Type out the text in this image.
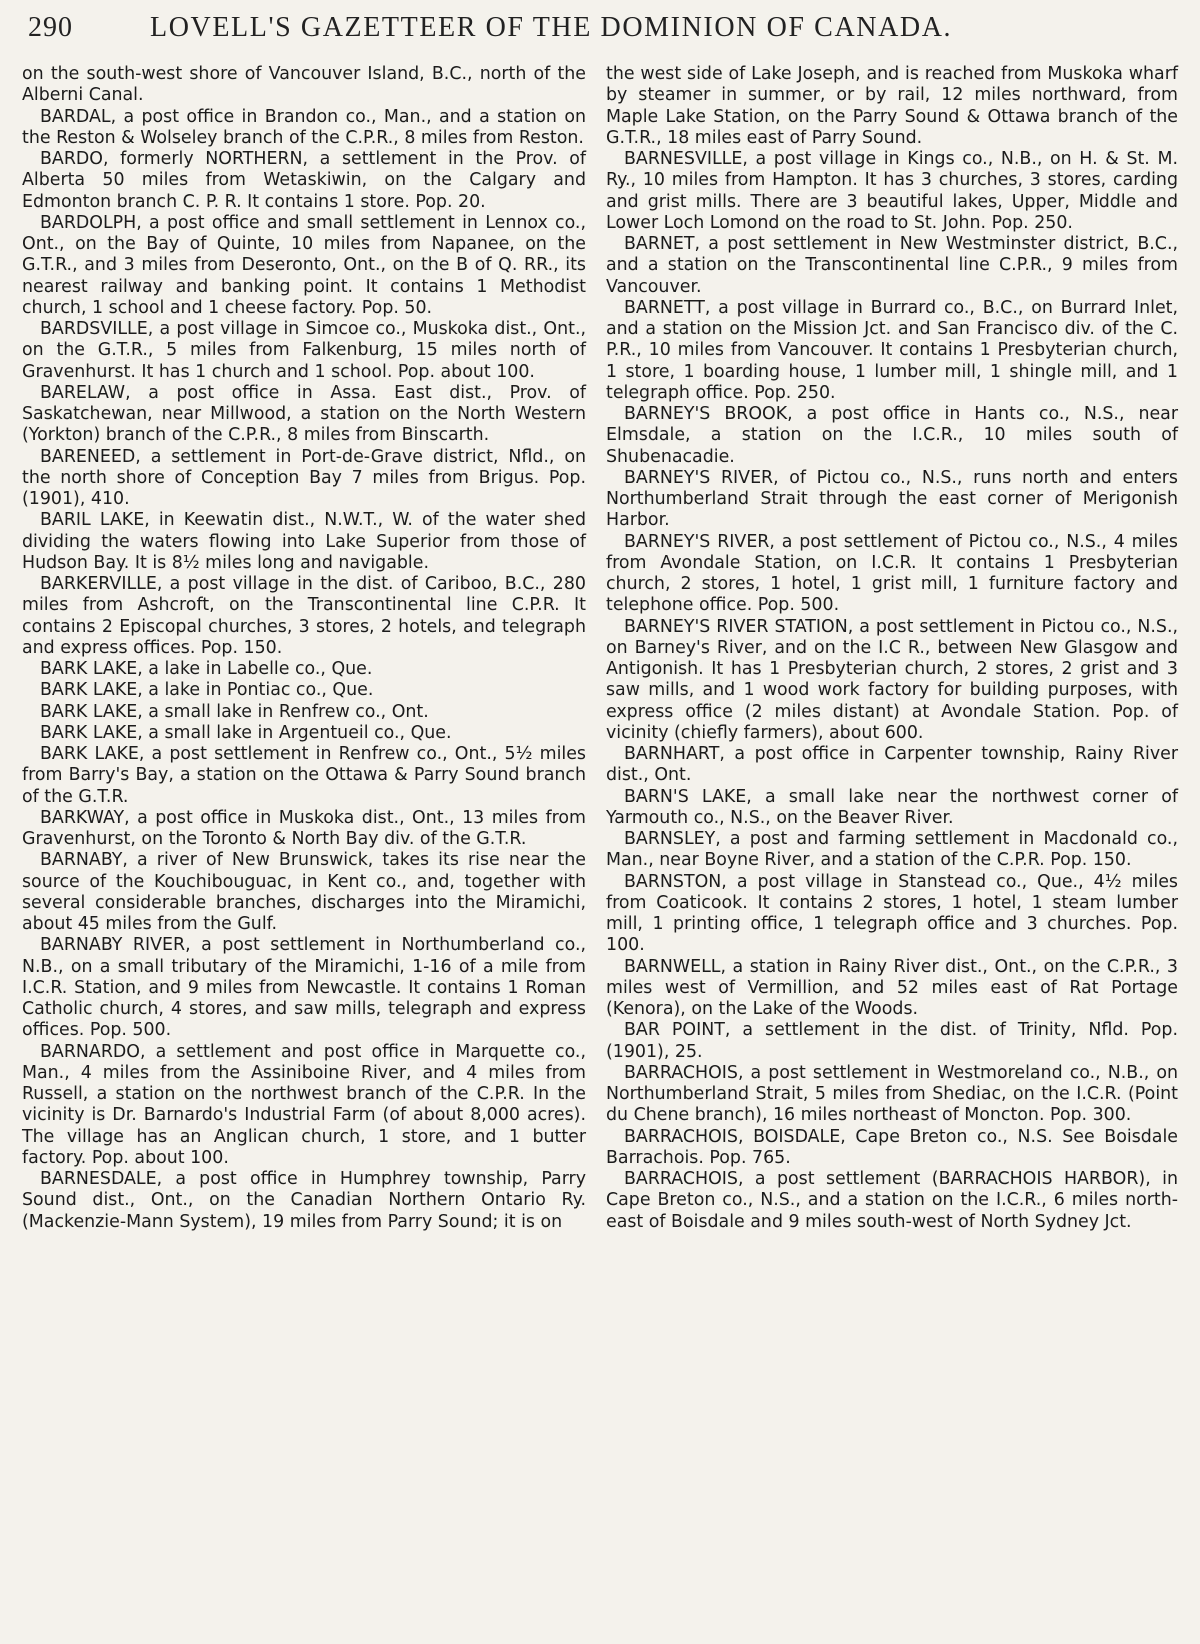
290	LOVELL'S GAZETTEER OF THE DOMINION OF CANADA.

on the south-west shore of Vancouver Island, B.C., north of the Alberni Canal.

BARDAL, a post office in Brandon co., Man., and a station on the Reston & Wolseley branch of the C.P.R., 8 miles from Reston.

BARDO, formerly NORTHERN, a settlement in the Prov. of Alberta 50 miles from Wetaskiwin, on the Calgary and Edmonton branch C. P. R. It contains 1 store. Pop. 20.

BARDOLPH, a post office and small settlement in Lennox co., Ont., on the Bay of Quinte, 10 miles from Napanee, on the G.T.R., and 3 miles from Deseronto, Ont., on the B of Q. RR., its nearest railway and banking point. It contains 1 Methodist church, 1 school and 1 cheese factory. Pop. 50.

BARDSVILLE, a post village in Simcoe co., Muskoka dist., Ont., on the G.T.R., 5 miles from Falkenburg, 15 miles north of Gravenhurst. It has 1 church and 1 school. Pop. about 100.

BARELAW, a post office in Assa. East dist., Prov. of Saskatchewan, near Millwood, a station on the North Western (Yorkton) branch of the C.P.R., 8 miles from Binscarth.

BARENEED, a settlement in Port-de-Grave district, Nfld., on the north shore of Conception Bay 7 miles from Brigus. Pop. (1901), 410.

BARIL LAKE, in Keewatin dist., N.W.T., W. of the water shed dividing the waters flowing into Lake Superior from those of Hudson Bay. It is 8½ miles long and navigable.

BARKERVILLE, a post village in the dist. of Cariboo, B.C., 280 miles from Ashcroft, on the Transcontinental line C.P.R. It contains 2 Episcopal churches, 3 stores, 2 hotels, and telegraph and express offices. Pop. 150.

BARK LAKE, a lake in Labelle co., Que.

BARK LAKE, a lake in Pontiac co., Que.

BARK LAKE, a small lake in Renfrew co., Ont.

BARK LAKE, a small lake in Argentueil co., Que.

BARK LAKE, a post settlement in Renfrew co., Ont., 5½ miles from Barry's Bay, a station on the Ottawa & Parry Sound branch of the G.T.R.

BARKWAY, a post office in Muskoka dist., Ont., 13 miles from Gravenhurst, on the Toronto & North Bay div. of the G.T.R.

BARNABY, a river of New Brunswick, takes its rise near the source of the Kouchibouguac, in Kent co., and, together with several considerable branches, discharges into the Miramichi, about 45 miles from the Gulf.

BARNABY RIVER, a post settlement in Northumberland co., N.B., on a small tributary of the Miramichi, 1-16 of a mile from I.C.R. Station, and 9 miles from Newcastle. It contains 1 Roman Catholic church, 4 stores, and saw mills, telegraph and express offices. Pop. 500.

BARNARDO, a settlement and post office in Marquette co., Man., 4 miles from the Assiniboine River, and 4 miles from Russell, a station on the northwest branch of the C.P.R. In the vicinity is Dr. Barnardo's Industrial Farm (of about 8,000 acres). The village has an Anglican church, 1 store, and 1 butter factory. Pop. about 100.

BARNESDALE, a post office in Humphrey township, Parry Sound dist., Ont., on the Canadian Northern Ontario Ry. (Mackenzie-Mann System), 19 miles from Parry Sound; it is on

the west side of Lake Joseph, and is reached from Muskoka wharf by steamer in summer, or by rail, 12 miles northward, from Maple Lake Station, on the Parry Sound & Ottawa branch of the G.T.R., 18 miles east of Parry Sound.

BARNESVILLE, a post village in Kings co., N.B., on H. & St. M. Ry., 10 miles from Hampton. It has 3 churches, 3 stores, carding and grist mills. There are 3 beautiful lakes, Upper, Middle and Lower Loch Lomond on the road to St. John. Pop. 250.

BARNET, a post settlement in New Westminster district, B.C., and a station on the Transcontinental line C.P.R., 9 miles from Vancouver.

BARNETT, a post village in Burrard co., B.C., on Burrard Inlet, and a station on the Mission Jct. and San Francisco div. of the C. P.R., 10 miles from Vancouver. It contains 1 Presbyterian church, 1 store, 1 boarding house, 1 lumber mill, 1 shingle mill, and 1 telegraph office. Pop. 250.

BARNEY'S BROOK, a post office in Hants co., N.S., near Elmsdale, a station on the I.C.R., 10 miles south of Shubenacadie.

BARNEY'S RIVER, of Pictou co., N.S., runs north and enters Northumberland Strait through the east corner of Merigonish Harbor.

BARNEY'S RIVER, a post settlement of Pictou co., N.S., 4 miles from Avondale Station, on I.C.R. It contains 1 Presbyterian church, 2 stores, 1 hotel, 1 grist mill, 1 furniture factory and telephone office. Pop. 500.

BARNEY'S RIVER STATION, a post settlement in Pictou co., N.S., on Barney's River, and on the I.C R., between New Glasgow and Antigonish. It has 1 Presbyterian church, 2 stores, 2 grist and 3 saw mills, and 1 wood work factory for building purposes, with express office (2 miles distant) at Avondale Station. Pop. of vicinity (chiefly farmers), about 600.

BARNHART, a post office in Carpenter township, Rainy River dist., Ont.

BARN'S LAKE, a small lake near the northwest corner of Yarmouth co., N.S., on the Beaver River.

BARNSLEY, a post and farming settlement in Macdonald co., Man., near Boyne River, and a station of the C.P.R. Pop. 150.

BARNSTON, a post village in Stanstead co., Que., 4½ miles from Coaticook. It contains 2 stores, 1 hotel, 1 steam lumber mill, 1 printing office, 1 telegraph office and 3 churches. Pop. 100.

BARNWELL, a station in Rainy River dist., Ont., on the C.P.R., 3 miles west of Vermillion, and 52 miles east of Rat Portage (Kenora), on the Lake of the Woods.

BAR POINT, a settlement in the dist. of Trinity, Nfld. Pop. (1901), 25.

BARRACHOIS, a post settlement in Westmoreland co., N.B., on Northumberland Strait, 5 miles from Shediac, on the I.C.R. (Point du Chene branch), 16 miles northeast of Moncton. Pop. 300.

BARRACHOIS, BOISDALE, Cape Breton co., N.S. See Boisdale Barrachois. Pop. 765.

BARRACHOIS, a post settlement (BARRACHOIS HARBOR), in Cape Breton co., N.S., and a station on the I.C.R., 6 miles north-east of Boisdale and 9 miles south-west of North Sydney Jct.
